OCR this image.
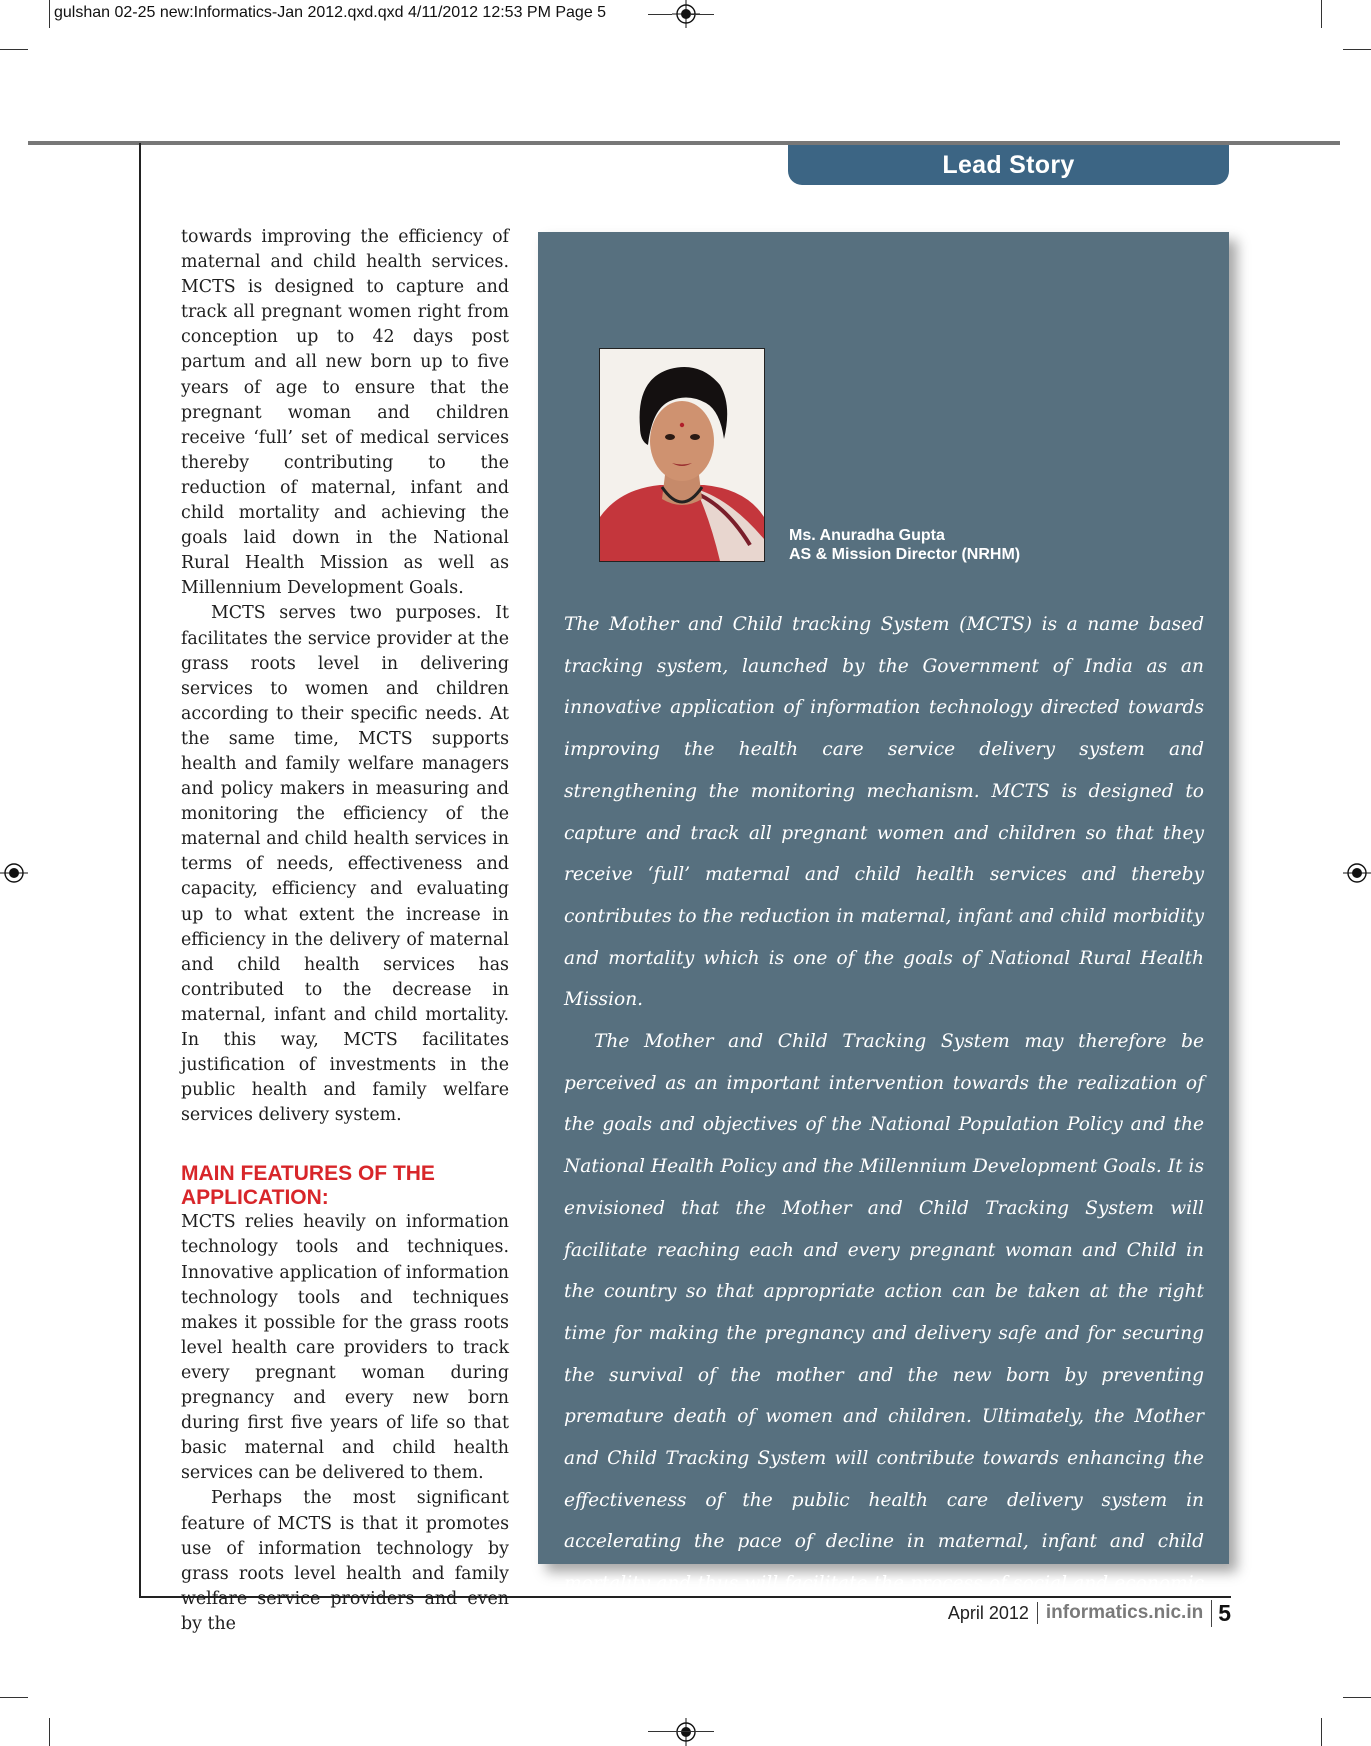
gulshan 02-25 new:Informatics-Jan 2012.qxd.qxd 4/11/2012 12:53 PM Page 5
Lead Story

towards improving the efficiency of maternal and child health services. MCTS is designed to capture and track all pregnant women right from conception up to 42 days post partum and all new born up to five years of age to ensure that the pregnant woman and children receive ‘full’ set of medical services thereby contributing to the reduction of maternal, infant and child mortality and achieving the goals laid down in the National Rural Health Mission as well as Millennium Development Goals.

MCTS serves two purposes. It facilitates the service provider at the grass roots level in delivering services to women and children according to their specific needs. At the same time, MCTS supports health and family welfare managers and policy makers in measuring and monitoring the efficiency of the maternal and child health services in terms of needs, effectiveness and capacity, efficiency and evaluating up to what extent the increase in efficiency in the delivery of maternal and child health services has contributed to the decrease in maternal, infant and child mortality. In this way, MCTS facilitates justification of investments in the public health and family welfare services delivery system.

MAIN FEATURES OF THE APPLICATION:

MCTS relies heavily on information technology tools and techniques. Innovative application of information technology tools and techniques makes it possible for the grass roots level health care providers to track every pregnant woman during pregnancy and every new born during first five years of life so that basic maternal and child health services can be delivered to them.

Perhaps the most significant feature of MCTS is that it promotes use of information technology by grass roots level health and family welfare service providers and even by the

Ms. Anuradha Gupta
AS & Mission Director (NRHM)

The Mother and Child tracking System (MCTS) is a name based tracking system, launched by the Government of India as an innovative application of information technology directed towards improving the health care service delivery system and strengthening the monitoring mechanism. MCTS is designed to capture and track all pregnant women and children so that they receive ‘full’ maternal and child health services and thereby contributes to the reduction in maternal, infant and child morbidity and mortality which is one of the goals of National Rural Health Mission.

The Mother and Child Tracking System may therefore be perceived as an important intervention towards the realization of the goals and objectives of the National Population Policy and the National Health Policy and the Millennium Development Goals. It is envisioned that the Mother and Child Tracking System will facilitate reaching each and every pregnant woman and Child in the country so that appropriate action can be taken at the right time for making the pregnancy and delivery safe and for securing the survival of the mother and the new born by preventing premature death of women and children. Ultimately, the Mother and Child Tracking System will contribute towards enhancing the effectiveness of the public health care delivery system in accelerating the pace of decline in maternal, infant and child mortality and thus will facilitate the process of social and economic development of the country.

April 2012 informatics.nic.in 5
